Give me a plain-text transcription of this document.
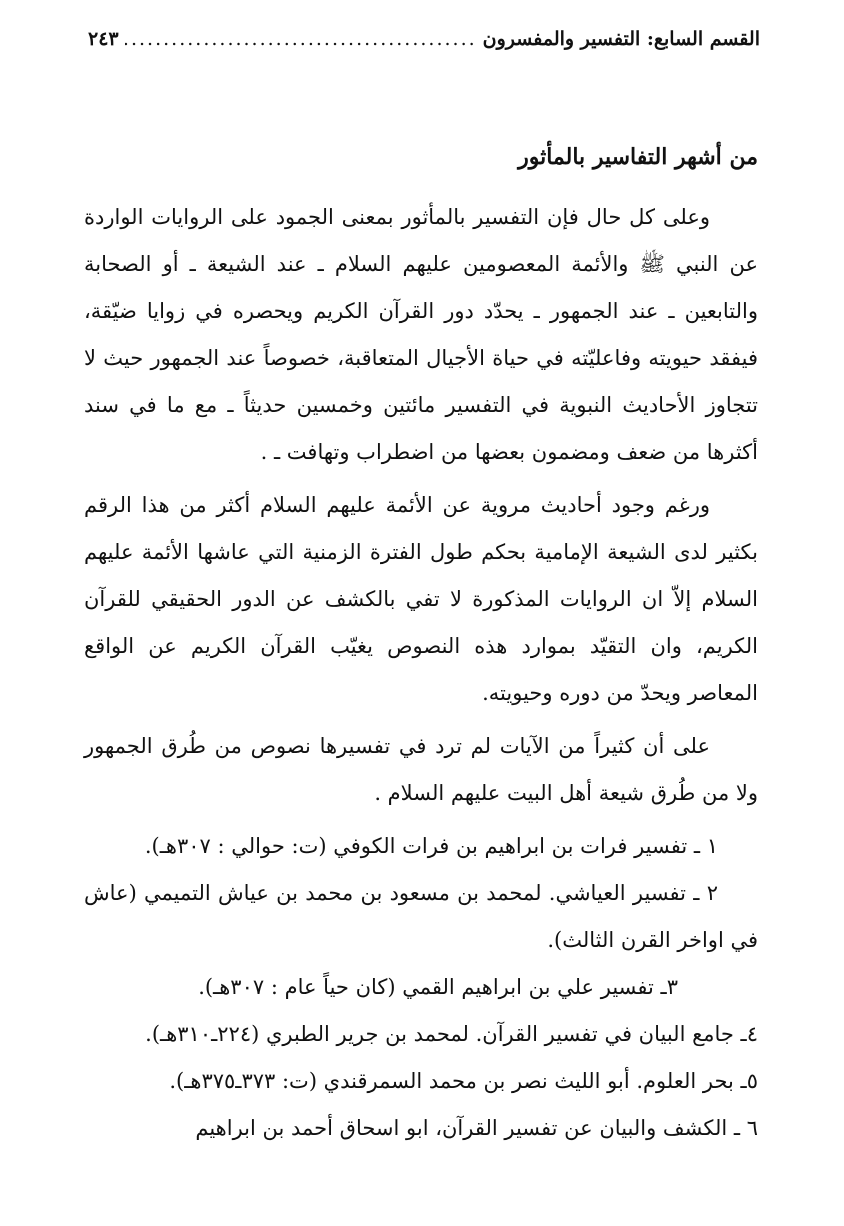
القسم السابع: التفسير والمفسرون
.....
٢٤٣
من أشهر التفاسير بالمأثور

وعلى كل حال فإن التفسير بالمأثور بمعنى الجمود على الروايات الواردة عن النبي ﷺ والأئمة المعصومين عليهم السلام ـ عند الشيعة ـ أو الصحابة والتابعين ـ عند الجمهور ـ يحدّد دور القرآن الكريم ويحصره في زوايا ضيّقة، فيفقد حيويته وفاعليّته في حياة الأجيال المتعاقبة، خصوصاً عند الجمهور حيث لا تتجاوز الأحاديث النبوية في التفسير مائتين وخمسين حديثاً ـ مع ما في سند أكثرها من ضعف ومضمون بعضها من اضطراب وتهافت ـ .

ورغم وجود أحاديث مروية عن الأئمة عليهم السلام أكثر من هذا الرقم بكثير لدى الشيعة الإمامية بحكم طول الفترة الزمنية التي عاشها الأئمة عليهم السلام إلاّ ان الروايات المذكورة لا تفي بالكشف عن الدور الحقيقي للقرآن الكريم، وان التقيّد بموارد هذه النصوص يغيّب القرآن الكريم عن الواقع المعاصر ويحدّ من دوره وحيويته.

على أن كثيراً من الآيات لم ترد في تفسيرها نصوص من طُرق الجمهور ولا من طُرق شيعة أهل البيت عليهم السلام .

١ ـ تفسير فرات بن ابراهيم بن فرات الكوفي (ت: حوالي : ٣٠٧هـ).

٢ ـ تفسير العياشي. لمحمد بن مسعود بن محمد بن عياش التميمي (عاش في اواخر القرن الثالث).

٣ـ تفسير علي بن ابراهيم القمي (كان حياً عام : ٣٠٧هـ).

٤ـ جامع البيان في تفسير القرآن. لمحمد بن جرير الطبري (٢٢٤ـ٣١٠هـ).

٥ـ بحر العلوم. أبو الليث نصر بن محمد السمرقندي (ت: ٣٧٣ـ٣٧٥هـ).

٦ ـ الكشف والبيان عن تفسير القرآن، ابو اسحاق أحمد بن ابراهيم
